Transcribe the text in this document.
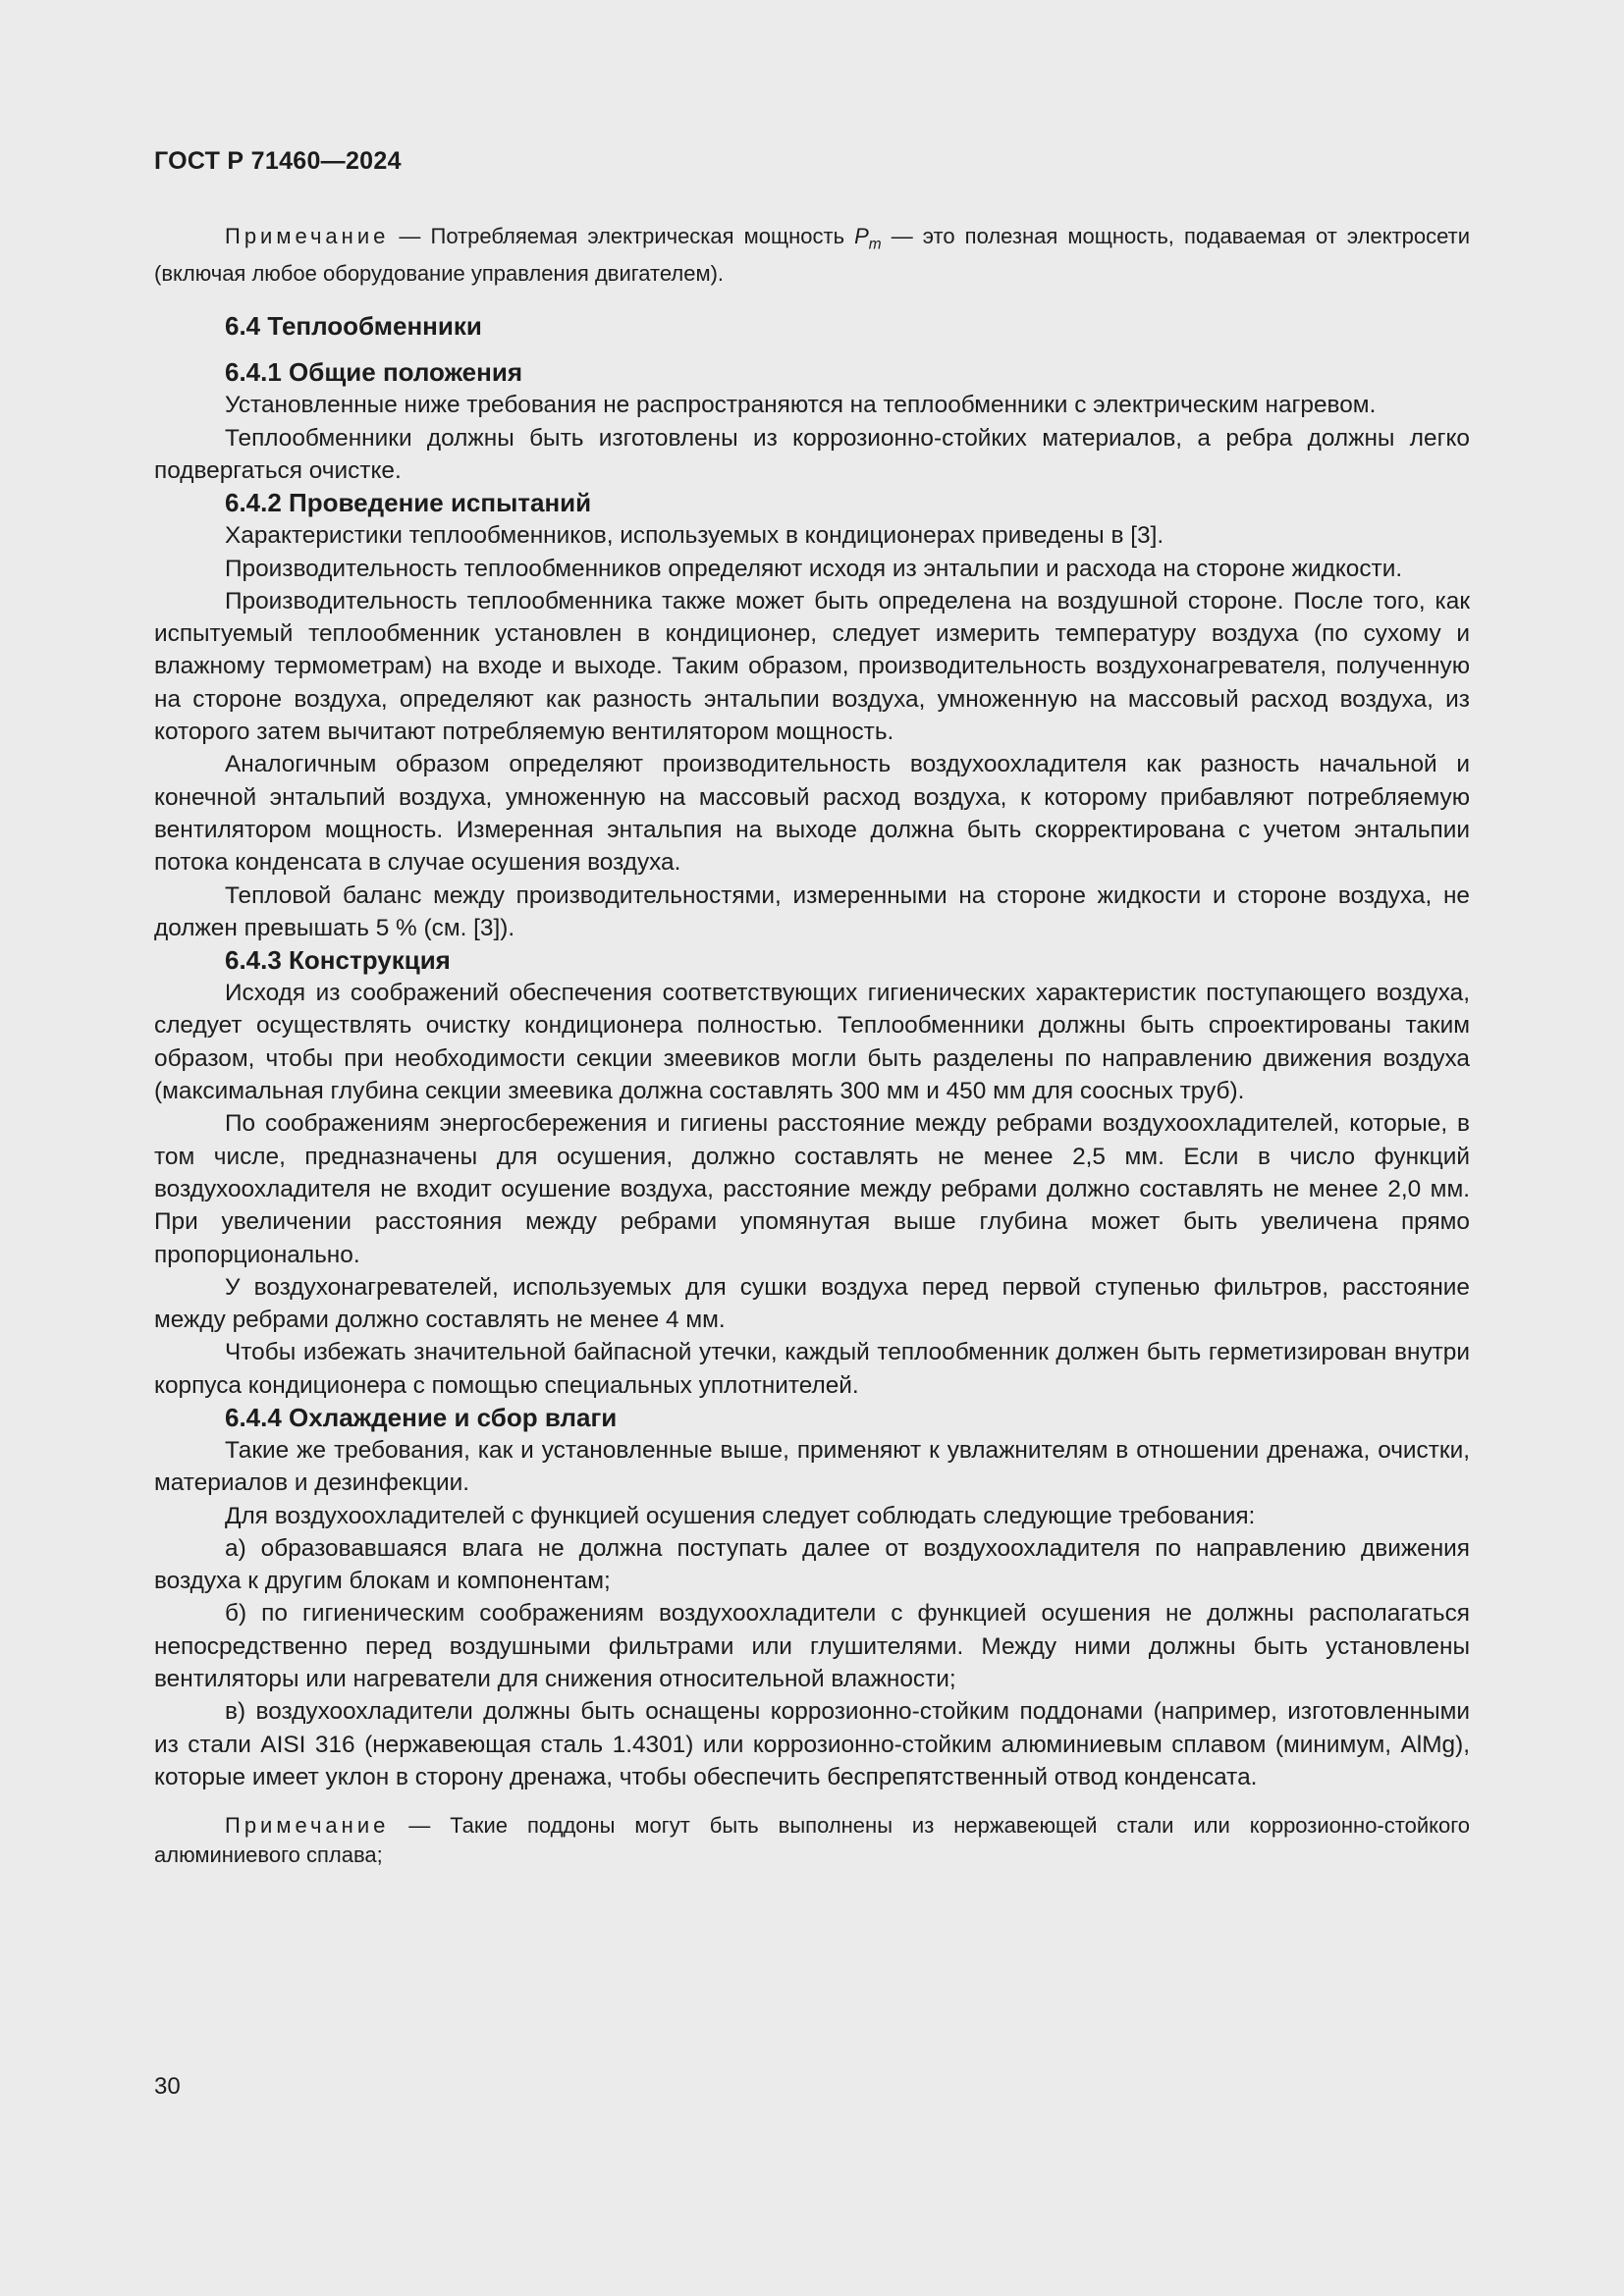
ГОСТ Р 71460—2024

Примечание — Потребляемая электрическая мощность $P_m$ — это полезная мощность, подаваемая от электросети (включая любое оборудование управления двигателем).

6.4 Теплообменники

6.4.1 Общие положения

Установленные ниже требования не распространяются на теплообменники с электрическим нагревом.

Теплообменники должны быть изготовлены из коррозионно-стойких материалов, а ребра должны легко подвергаться очистке.

6.4.2 Проведение испытаний

Характеристики теплообменников, используемых в кондиционерах приведены в [3].

Производительность теплообменников определяют исходя из энтальпии и расхода на стороне жидкости.

Производительность теплообменника также может быть определена на воздушной стороне. После того, как испытуемый теплообменник установлен в кондиционер, следует измерить температуру воздуха (по сухому и влажному термометрам) на входе и выходе. Таким образом, производительность воздухонагревателя, полученную на стороне воздуха, определяют как разность энтальпии воздуха, умноженную на массовый расход воздуха, из которого затем вычитают потребляемую вентилятором мощность.

Аналогичным образом определяют производительность воздухоохладителя как разность начальной и конечной энтальпий воздуха, умноженную на массовый расход воздуха, к которому прибавляют потребляемую вентилятором мощность. Измеренная энтальпия на выходе должна быть скорректирована с учетом энтальпии потока конденсата в случае осушения воздуха.

Тепловой баланс между производительностями, измеренными на стороне жидкости и стороне воздуха, не должен превышать 5 % (см. [3]).

6.4.3 Конструкция

Исходя из соображений обеспечения соответствующих гигиенических характеристик поступающего воздуха, следует осуществлять очистку кондиционера полностью. Теплообменники должны быть спроектированы таким образом, чтобы при необходимости секции змеевиков могли быть разделены по направлению движения воздуха (максимальная глубина секции змеевика должна составлять 300 мм и 450 мм для соосных труб).

По соображениям энергосбережения и гигиены расстояние между ребрами воздухоохладителей, которые, в том числе, предназначены для осушения, должно составлять не менее 2,5 мм. Если в число функций воздухоохладителя не входит осушение воздуха, расстояние между ребрами должно составлять не менее 2,0 мм. При увеличении расстояния между ребрами упомянутая выше глубина может быть увеличена прямо пропорционально.

У воздухонагревателей, используемых для сушки воздуха перед первой ступенью фильтров, расстояние между ребрами должно составлять не менее 4 мм.

Чтобы избежать значительной байпасной утечки, каждый теплообменник должен быть герметизирован внутри корпуса кондиционера с помощью специальных уплотнителей.

6.4.4 Охлаждение и сбор влаги

Такие же требования, как и установленные выше, применяют к увлажнителям в отношении дренажа, очистки, материалов и дезинфекции.

Для воздухоохладителей с функцией осушения следует соблюдать следующие требования:

а) образовавшаяся влага не должна поступать далее от воздухоохладителя по направлению движения воздуха к другим блокам и компонентам;

б) по гигиеническим соображениям воздухоохладители с функцией осушения не должны располагаться непосредственно перед воздушными фильтрами или глушителями. Между ними должны быть установлены вентиляторы или нагреватели для снижения относительной влажности;

в) воздухоохладители должны быть оснащены коррозионно-стойким поддонами (например, изготовленными из стали AISI 316 (нержавеющая сталь 1.4301) или коррозионно-стойким алюминиевым сплавом (минимум, AlMg), которые имеет уклон в сторону дренажа, чтобы обеспечить беспрепятственный отвод конденсата.

Примечание — Такие поддоны могут быть выполнены из нержавеющей стали или коррозионно-стойкого алюминиевого сплава;

30
